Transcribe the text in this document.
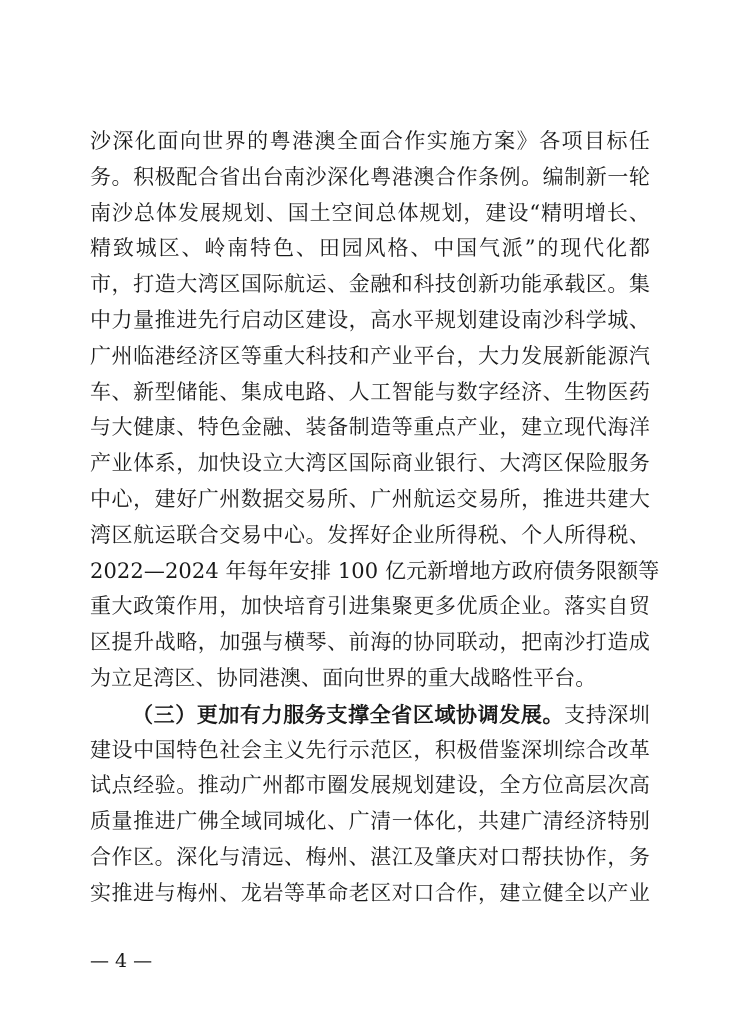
沙深化面向世界的粤港澳全面合作实施方案》各项目标任
务。积极配合省出台南沙深化粤港澳合作条例。编制新一轮
南沙总体发展规划、国土空间总体规划，建设“精明增长、
精致城区、岭南特色、田园风格、中国气派”的现代化都
市，打造大湾区国际航运、金融和科技创新功能承载区。集
中力量推进先行启动区建设，高水平规划建设南沙科学城、
广州临港经济区等重大科技和产业平台，大力发展新能源汽
车、新型储能、集成电路、人工智能与数字经济、生物医药
与大健康、特色金融、装备制造等重点产业，建立现代海洋
产业体系，加快设立大湾区国际商业银行、大湾区保险服务
中心，建好广州数据交易所、广州航运交易所，推进共建大
湾区航运联合交易中心。发挥好企业所得税、个人所得税、
2022—2024 年每年安排 100 亿元新增地方政府债务限额等
重大政策作用，加快培育引进集聚更多优质企业。落实自贸
区提升战略，加强与横琴、前海的协同联动，把南沙打造成
为立足湾区、协同港澳、面向世界的重大战略性平台。
（三）更加有力服务支撑全省区域协调发展。支持深圳
建设中国特色社会主义先行示范区，积极借鉴深圳综合改革
试点经验。推动广州都市圈发展规划建设，全方位高层次高
质量推进广佛全域同城化、广清一体化，共建广清经济特别
合作区。深化与清远、梅州、湛江及肇庆对口帮扶协作，务
实推进与梅州、龙岩等革命老区对口合作，建立健全以产业
— 4 —
